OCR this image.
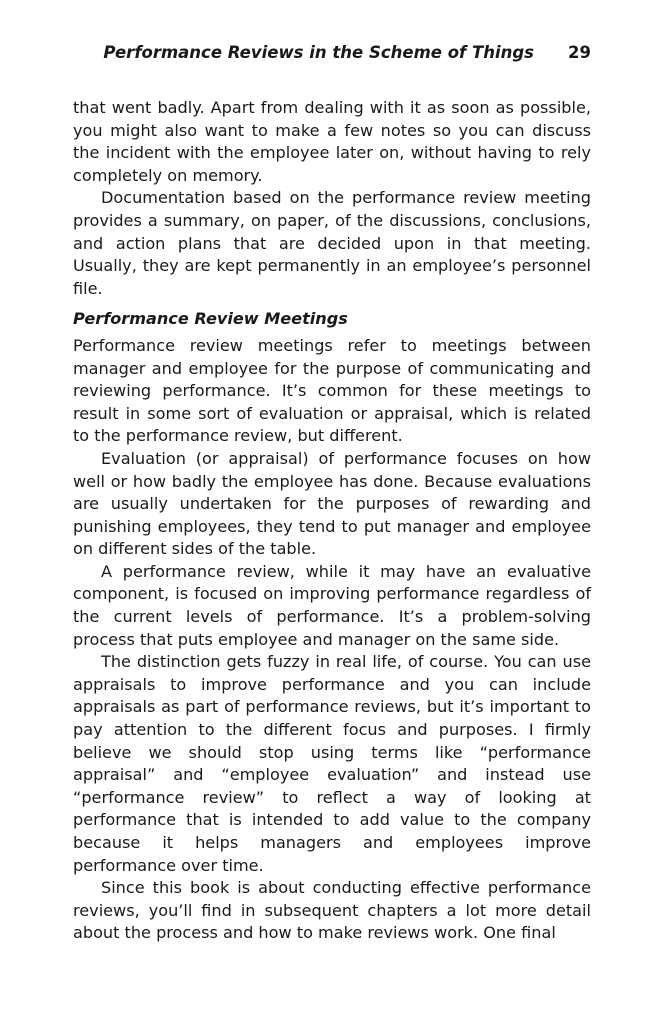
Performance Reviews in the Scheme of Things 29

that went badly. Apart from dealing with it as soon as possible, you might also want to make a few notes so you can discuss the incident with the employee later on, without having to rely completely on memory.

Documentation based on the performance review meeting provides a summary, on paper, of the discussions, conclusions, and action plans that are decided upon in that meeting. Usually, they are kept permanently in an employee’s personnel file.

Performance Review Meetings

Performance review meetings refer to meetings between manager and employee for the purpose of communicating and reviewing performance. It’s common for these meetings to result in some sort of evaluation or appraisal, which is related to the performance review, but different.

Evaluation (or appraisal) of performance focuses on how well or how badly the employee has done. Because evaluations are usually undertaken for the purposes of rewarding and punishing employees, they tend to put manager and employee on different sides of the table.

A performance review, while it may have an evaluative component, is focused on improving performance regardless of the current levels of performance. It’s a problem-solving process that puts employee and manager on the same side.

The distinction gets fuzzy in real life, of course. You can use appraisals to improve performance and you can include appraisals as part of performance reviews, but it’s important to pay attention to the different focus and purposes. I firmly believe we should stop using terms like “performance appraisal” and “employee evaluation” and instead use “performance review” to reflect a way of looking at performance that is intended to add value to the company because it helps managers and employees improve performance over time.

Since this book is about conducting effective performance reviews, you’ll find in subsequent chapters a lot more detail about the process and how to make reviews work. One final
